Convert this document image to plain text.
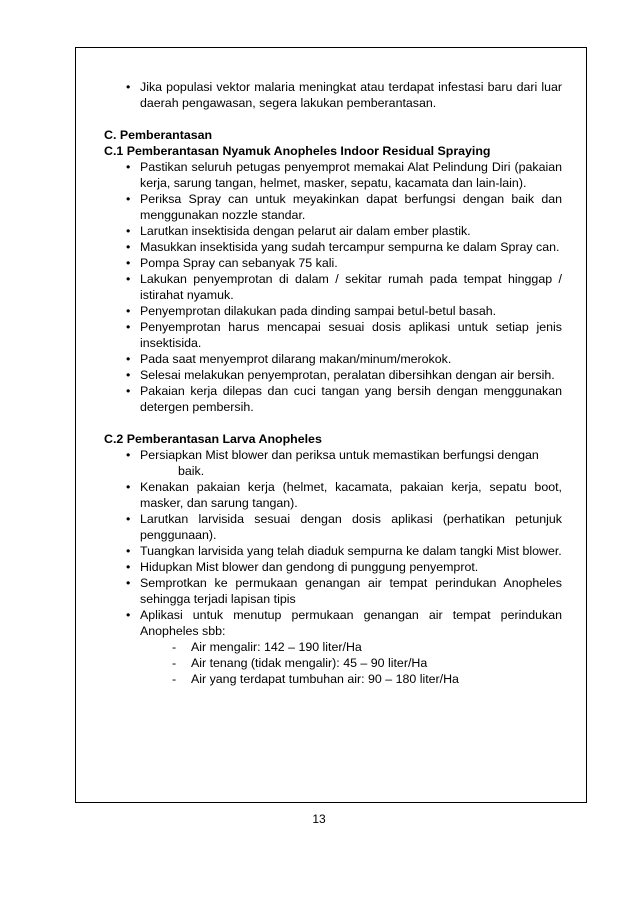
• Jika populasi vektor malaria meningkat atau terdapat infestasi baru dari luar daerah pengawasan, segera lakukan pemberantasan.

C. Pemberantasan

C.1 Pemberantasan Nyamuk Anopheles Indoor Residual Spraying

• Pastikan seluruh petugas penyemprot memakai Alat Pelindung Diri (pakaian kerja, sarung tangan, helmet, masker, sepatu, kacamata dan lain-lain).
• Periksa Spray can untuk meyakinkan dapat berfungsi dengan baik dan menggunakan nozzle standar.
• Larutkan insektisida dengan pelarut air dalam ember plastik.
• Masukkan insektisida yang sudah tercampur sempurna ke dalam Spray can.
• Pompa Spray can sebanyak 75 kali.
• Lakukan penyemprotan di dalam / sekitar rumah pada tempat hinggap / istirahat nyamuk.
• Penyemprotan dilakukan pada dinding sampai betul-betul basah.
• Penyemprotan harus mencapai sesuai dosis aplikasi untuk setiap jenis insektisida.
• Pada saat menyemprot dilarang makan/minum/merokok.
• Selesai melakukan penyemprotan, peralatan dibersihkan dengan air bersih.
• Pakaian kerja dilepas dan cuci tangan yang bersih dengan menggunakan detergen pembersih.

C.2 Pemberantasan Larva Anopheles

• Persiapkan Mist blower dan periksa untuk memastikan berfungsi dengan
baik.
• Kenakan pakaian kerja (helmet, kacamata, pakaian kerja, sepatu boot, masker, dan sarung tangan).
• Larutkan larvisida sesuai dengan dosis aplikasi (perhatikan petunjuk penggunaan).
• Tuangkan larvisida yang telah diaduk sempurna ke dalam tangki Mist blower.
• Hidupkan Mist blower dan gendong di punggung penyemprot.
• Semprotkan ke permukaan genangan air tempat perindukan Anopheles sehingga terjadi lapisan tipis
• Aplikasi untuk menutup permukaan genangan air tempat perindukan Anopheles sbb:
- Air mengalir: 142 – 190 liter/Ha
- Air tenang (tidak mengalir): 45 – 90 liter/Ha
- Air yang terdapat tumbuhan air: 90 – 180 liter/Ha
13
